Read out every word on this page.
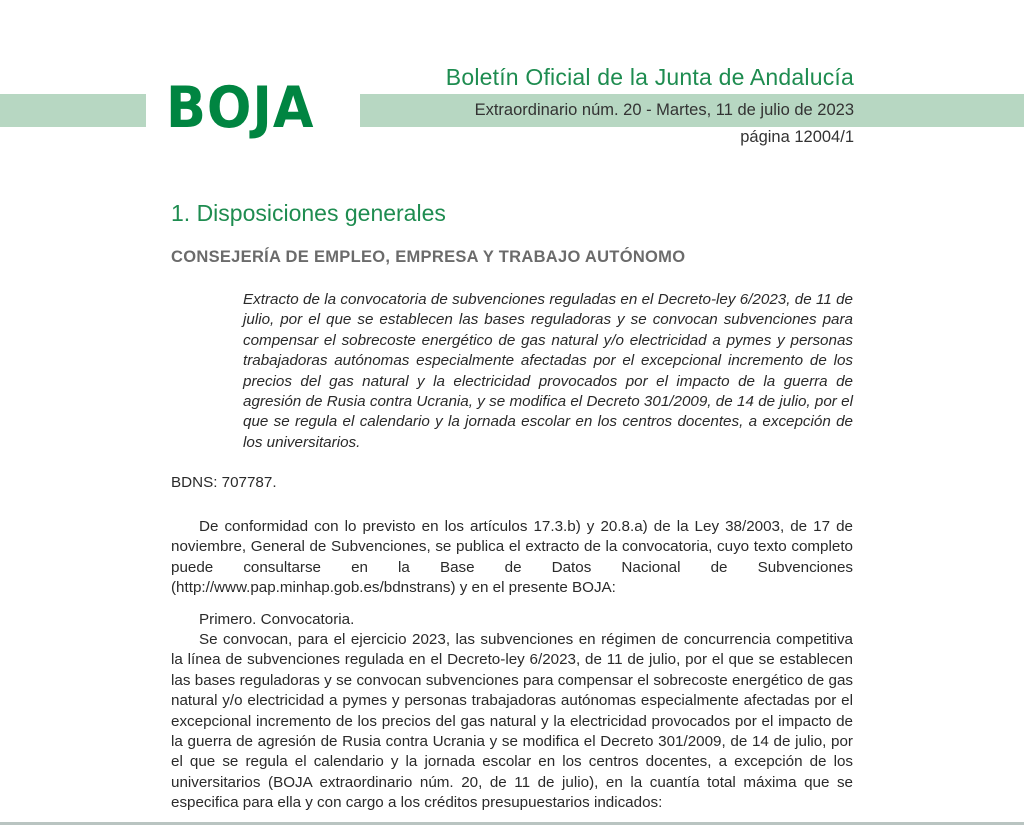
BOJA	Boletín Oficial de la Junta de Andalucía
Extraordinario núm. 20 - Martes, 11 de julio de 2023
página 12004/1
1. Disposiciones generales
CONSEJERÍA DE EMPLEO, EMPRESA Y TRABAJO AUTÓNOMO
Extracto de la convocatoria de subvenciones reguladas en el Decreto-ley 6/2023, de 11 de julio, por el que se establecen las bases reguladoras y se convocan subvenciones para compensar el sobrecoste energético de gas natural y/o electricidad a pymes y personas trabajadoras autónomas especialmente afectadas por el excepcional incremento de los precios del gas natural y la electricidad provocados por el impacto de la guerra de agresión de Rusia contra Ucrania, y se modifica el Decreto 301/2009, de 14 de julio, por el que se regula el calendario y la jornada escolar en los centros docentes, a excepción de los universitarios.
BDNS: 707787.
De conformidad con lo previsto en los artículos 17.3.b) y 20.8.a) de la Ley 38/2003, de 17 de noviembre, General de Subvenciones, se publica el extracto de la convocatoria, cuyo texto completo puede consultarse en la Base de Datos Nacional de Subvenciones (http://www.pap.minhap.gob.es/bdnstrans) y en el presente BOJA:
Primero. Convocatoria.
Se convocan, para el ejercicio 2023, las subvenciones en régimen de concurrencia competitiva la línea de subvenciones regulada en el Decreto-ley 6/2023, de 11 de julio, por el que se establecen las bases reguladoras y se convocan subvenciones para compensar el sobrecoste energético de gas natural y/o electricidad a pymes y personas trabajadoras autónomas especialmente afectadas por el excepcional incremento de los precios del gas natural y la electricidad provocados por el impacto de la guerra de agresión de Rusia contra Ucrania y se modifica el Decreto 301/2009, de 14 de julio, por el que se regula el calendario y la jornada escolar en los centros docentes, a excepción de los universitarios (BOJA extraordinario núm. 20, de 11 de julio), en la cuantía total máxima que se especifica para ella y con cargo a los créditos presupuestarios indicados:
